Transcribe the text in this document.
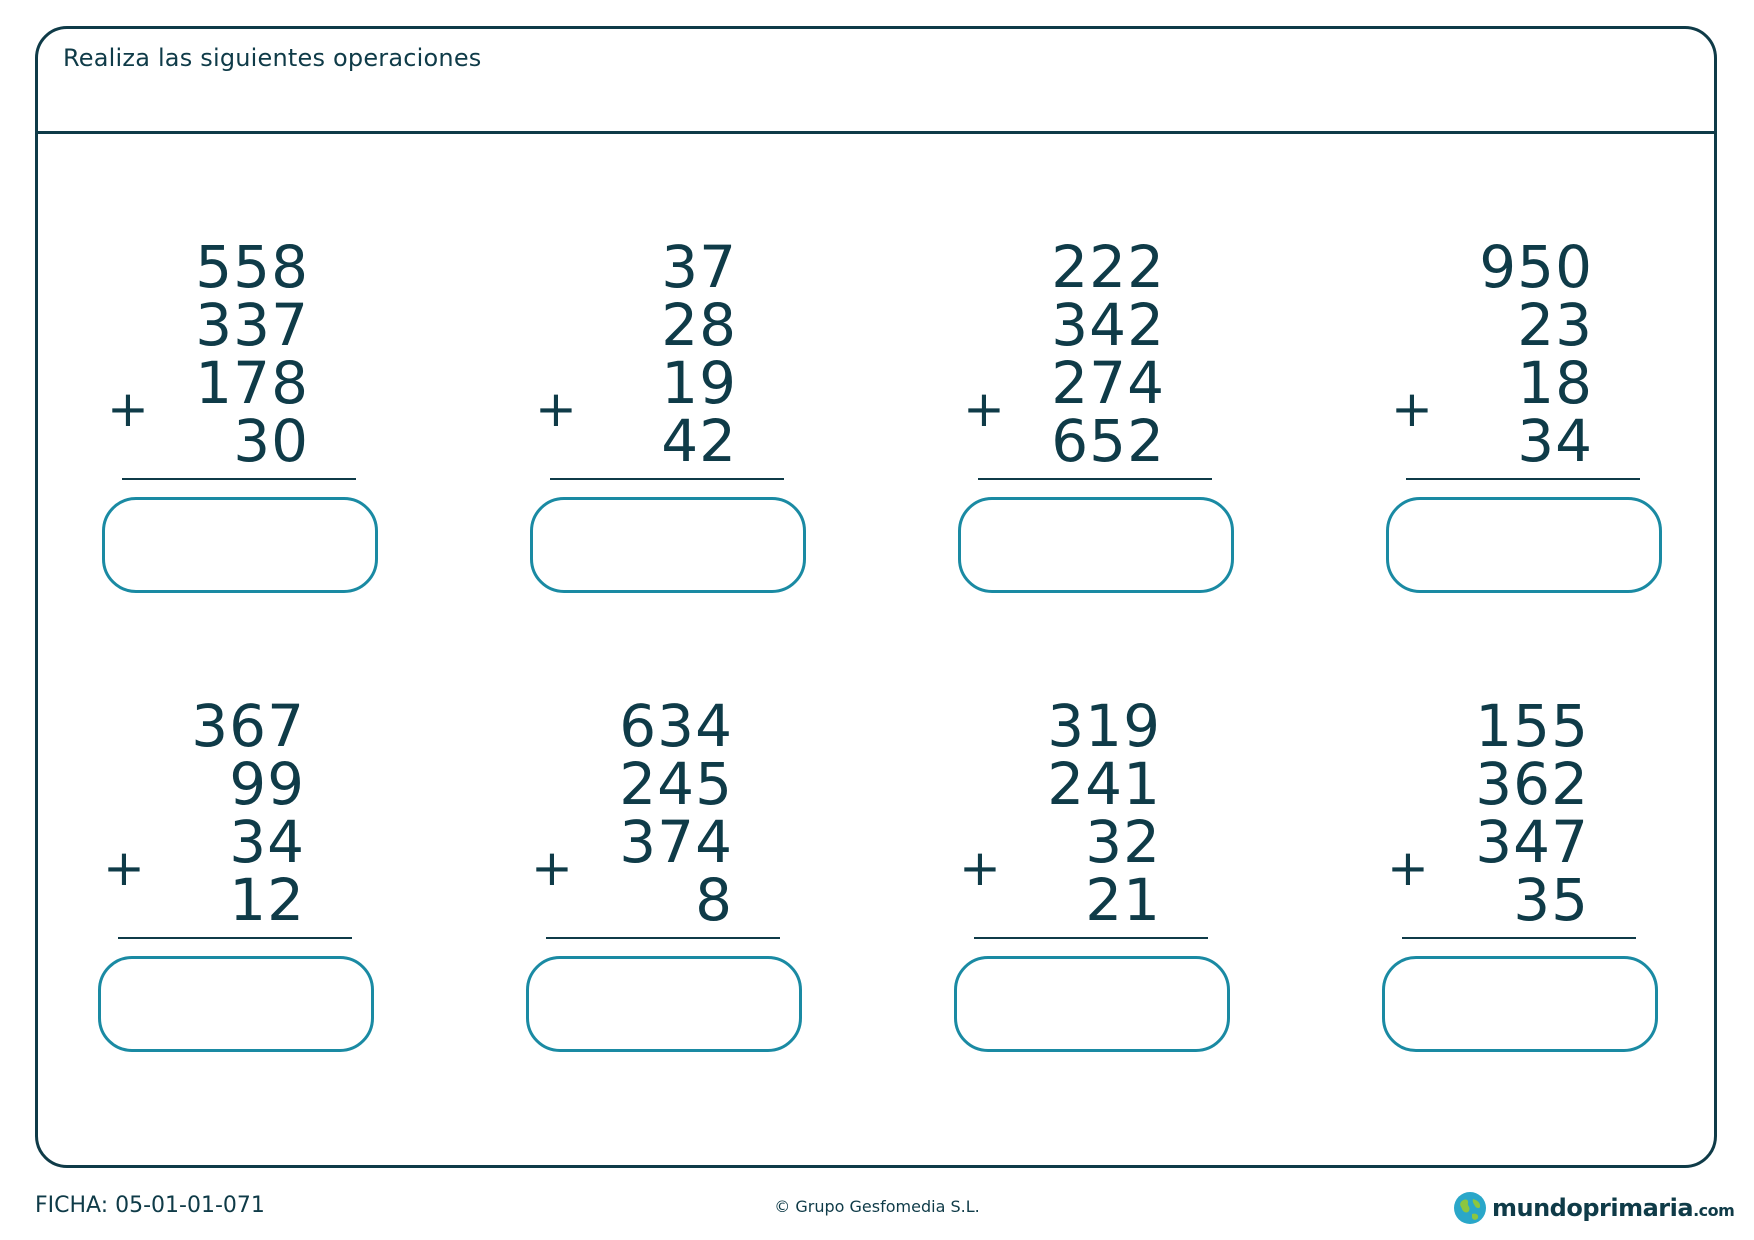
Realiza las siguientes operaciones
558
337
178
30
+
37
28
19
42
+
222
342
274
652
+
950
23
18
34
+
367
99
34
12
+
634
245
374
8
+
319
241
32
21
+
155
362
347
35
+
FICHA: 05-01-01-071	© Grupo Gesfomedia S.L.	mundoprimaria.com
